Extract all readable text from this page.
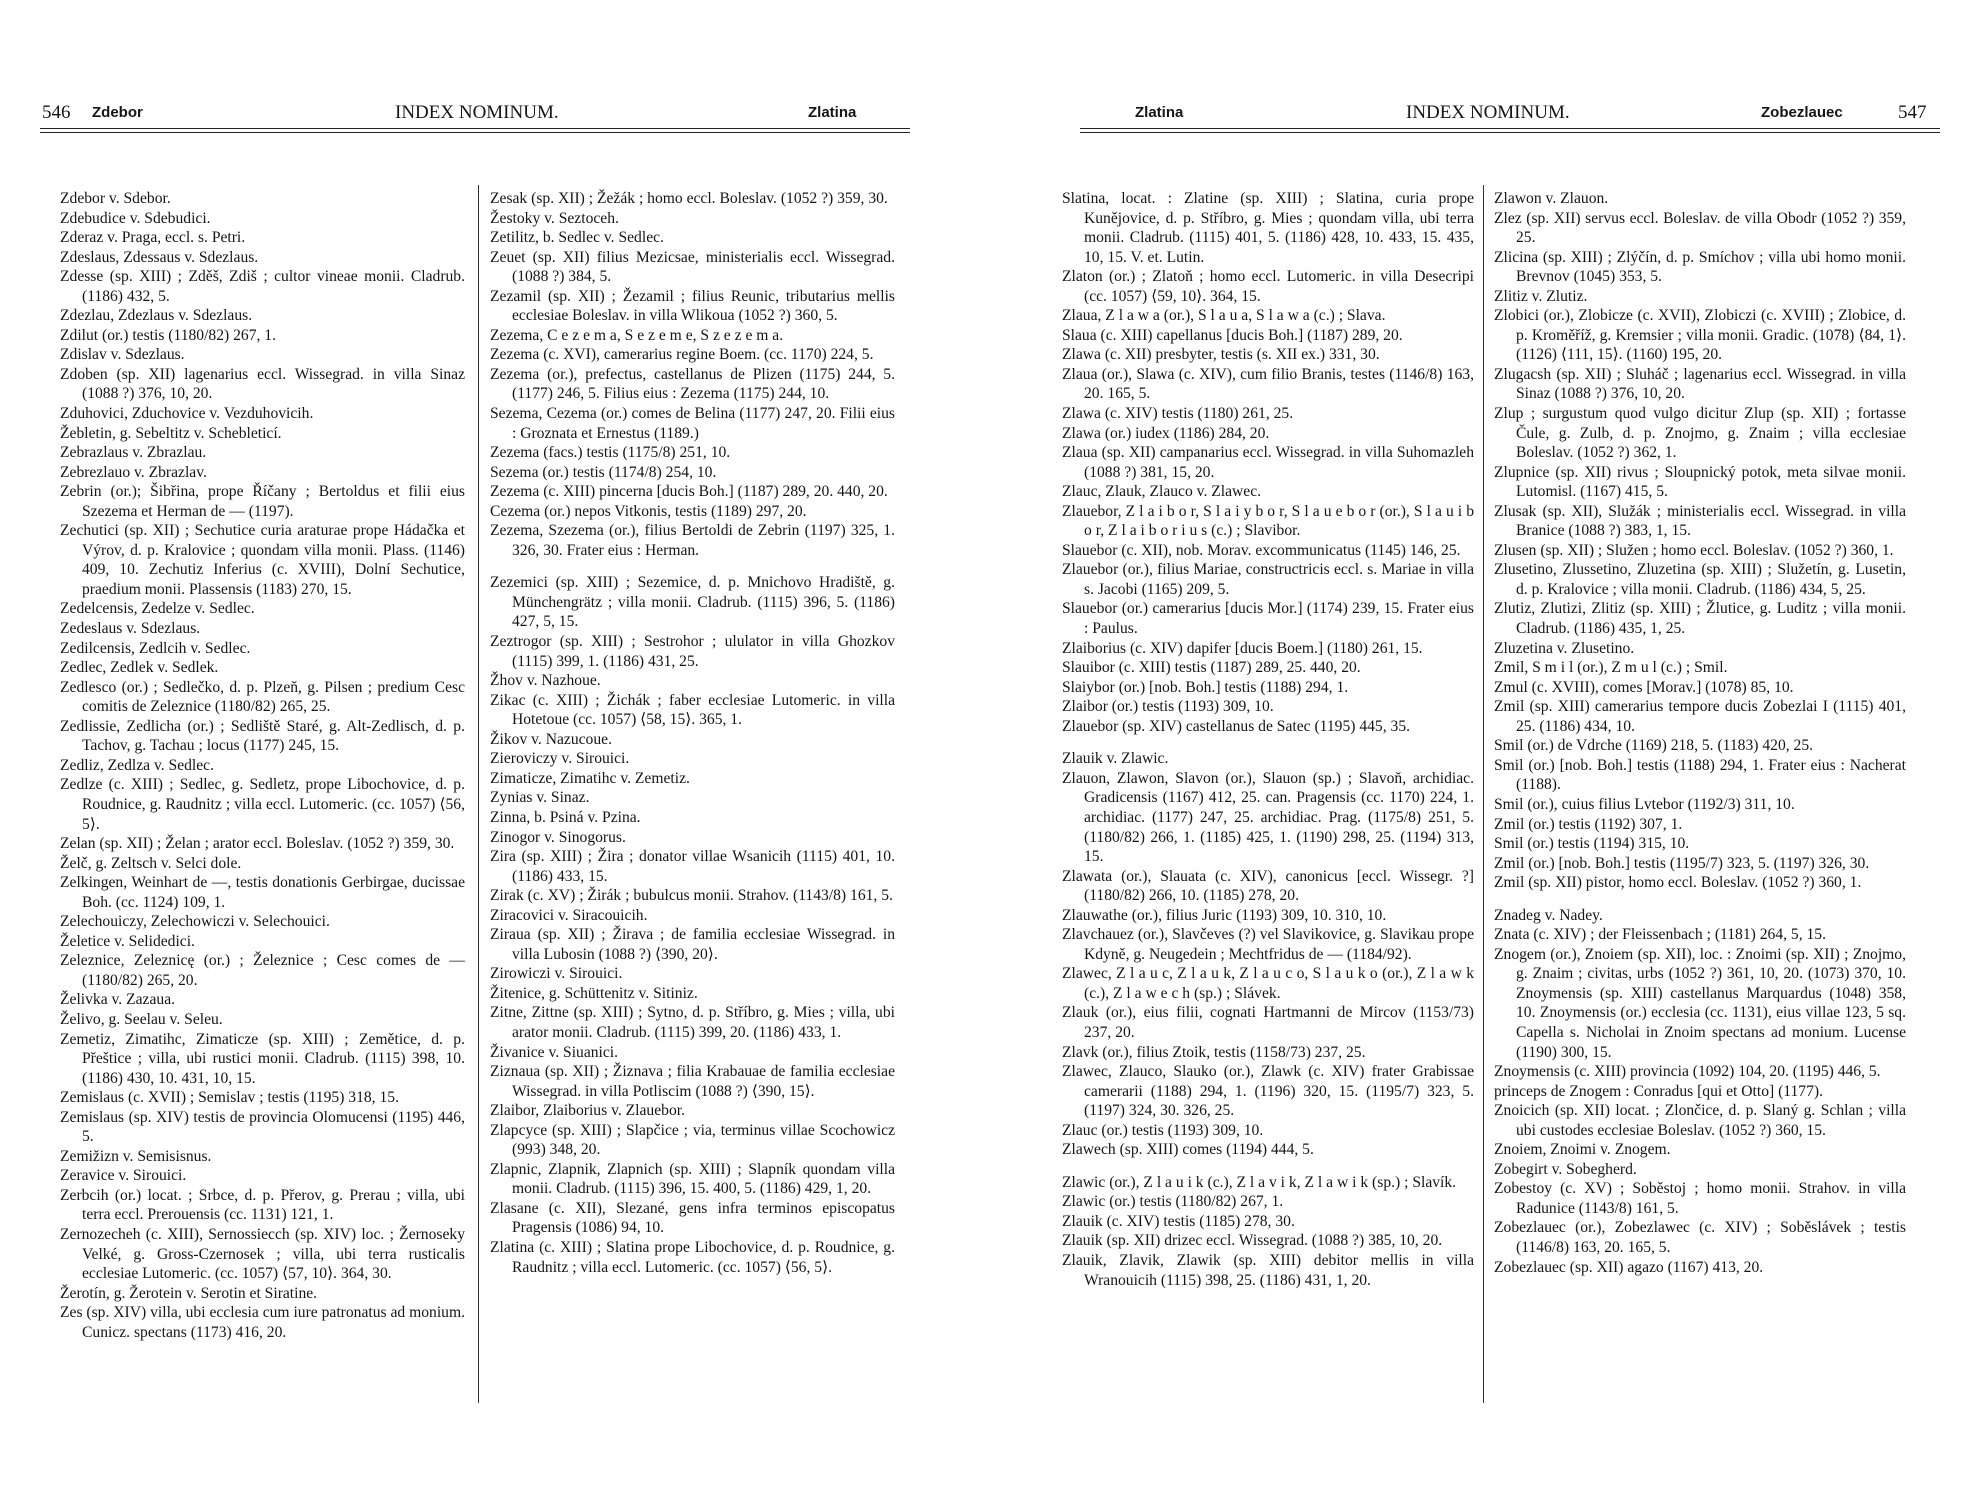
546 Zdebor	INDEX NOMINUM.	Zlatina
Zdebor v. Sdebor.
Zdebudice v. Sdebudici.
Zderaz v. Praga, eccl. s. Petri.
Zdeslaus, Zdessaus v. Sdezlaus.
Zdesse (sp. XIII) ; Zděš, Zdiš ; cultor vineae monii. Cladrub. (1186) 432, 5.
Zdezlau, Zdezlaus v. Sdezlaus.
Zdilut (or.) testis (1180/82) 267, 1.
Zdislav v. Sdezlaus.
Zdoben (sp. XII) lagenarius eccl. Wissegrad. in villa Sinaz (1088 ?) 376, 10, 20.
Zduhovici, Zduchovice v. Vezduhovicih.
Žebletin, g. Sebeltitz v. Schebleticí.
Zebrazlaus v. Zbrazlau.
Zebrezlauo v. Zbrazlav.
Zebrin (or.); Šibřina, prope Říčany ; Bertoldus et filii eius Szezema et Herman de — (1197).
Zechutici (sp. XII) ; Sechutice curia araturae prope Hádačka et Výrov, d. p. Kralovice ; quondam villa monii. Plass. (1146) 409, 10. Zechutiz Inferius (c. XVIII), Dolní Sechutice, praedium monii. Plassensis (1183) 270, 15.
Zedelcensis, Zedelze v. Sedlec.
Zedeslaus v. Sdezlaus.
Zedilcensis, Zedlcih v. Sedlec.
Zedlec, Zedlek v. Sedlek.
Zedlesco (or.) ; Sedlečko, d. p. Plzeň, g. Pilsen ; predium Cesc comitis de Zeleznice (1180/82) 265, 25.
Zedlissie, Zedlicha (or.) ; Sedliště Staré, g. Alt-Zedlisch, d. p. Tachov, g. Tachau ; locus (1177) 245, 15.
Zedliz, Zedlza v. Sedlec.
Zedlze (c. XIII) ; Sedlec, g. Sedletz, prope Libochovice, d. p. Roudnice, g. Raudnitz ; villa eccl. Lutomeric. (cc. 1057) ⟨56, 5⟩.
Zelan (sp. XII) ; Želan ; arator eccl. Boleslav. (1052 ?) 359, 30.
Želč, g. Zeltsch v. Selci dole.
Zelkingen, Weinhart de —, testis donationis Gerbirgae, ducissae Boh. (cc. 1124) 109, 1.
Zelechouiczy, Zelechowiczi v. Selechouici.
Želetice v. Selidedici.
Zeleznice, Zeleznicę (or.) ; Železnice ; Cesc comes de — (1180/82) 265, 20.
Želivka v. Zazaua.
Želivo, g. Seelau v. Seleu.
Zemetiz, Zimatihc, Zimaticze (sp. XIII) ; Zemětice, d. p. Přeštice ; villa, ubi rustici monii. Cladrub. (1115) 398, 10. (1186) 430, 10. 431, 10, 15.
Zemislaus (c. XVII) ; Semislav ; testis (1195) 318, 15.
Zemislaus (sp. XIV) testis de provincia Olomucensi (1195) 446, 5.
Zemižizn v. Semisisnus.
Zeravice v. Sirouici.
Zerbcih (or.) locat. ; Srbce, d. p. Přerov, g. Prerau ; villa, ubi terra eccl. Prerouensis (cc. 1131) 121, 1.
Zernozecheh (c. XIII), Sernossiecch (sp. XIV) loc. ; Žernoseky Velké, g. Gross-Czernosek ; villa, ubi terra rusticalis ecclesiae Lutomeric. (cc. 1057) ⟨57, 10⟩. 364, 30.
Žerotín, g. Žerotein v. Serotin et Siratine.
Zes (sp. XIV) villa, ubi ecclesia cum iure patronatus ad monium. Cunicz. spectans (1173) 416, 20.
Zesak (sp. XII) ; Žežák ; homo eccl. Boleslav. (1052 ?) 359, 30.
Žestoky v. Seztoceh.
Zetilitz, b. Sedlec v. Sedlec.
Zeuet (sp. XII) filius Mezicsae, ministerialis eccl. Wissegrad. (1088 ?) 384, 5.
Zezamil (sp. XII) ; Žezamil ; filius Reunic, tributarius mellis ecclesiae Boleslav. in villa Wlikoua (1052 ?) 360, 5.
Zezema, C e z e m a, S e z e m e, S z e z e m a.
Zezema (c. XVI), camerarius regine Boem. (cc. 1170) 224, 5.
Zezema (or.), prefectus, castellanus de Plizen (1175) 244, 5. (1177) 246, 5. Filius eius : Zezema (1175) 244, 10.
Sezema, Cezema (or.) comes de Belina (1177) 247, 20. Filii eius : Groznata et Ernestus (1189.)
Zezema (facs.) testis (1175/8) 251, 10.
Sezema (or.) testis (1174/8) 254, 10.
Zezema (c. XIII) pincerna [ducis Boh.] (1187) 289, 20. 440, 20.
Cezema (or.) nepos Vitkonis, testis (1189) 297, 20.
Zezema, Szezema (or.), filius Bertoldi de Zebrin (1197) 325, 1. 326, 30. Frater eius : Herman.
Zezemici (sp. XIII) ; Sezemice, d. p. Mnichovo Hradiště, g. Münchengrätz ; villa monii. Cladrub. (1115) 396, 5. (1186) 427, 5, 15.
Zeztrogor (sp. XIII) ; Sestrohor ; ululator in villa Ghozkov (1115) 399, 1. (1186) 431, 25.
Žhov v. Nazhoue.
Zikac (c. XIII) ; Žichák ; faber ecclesiae Lutomeric. in villa Hotetoue (cc. 1057) ⟨58, 15⟩. 365, 1.
Žikov v. Nazucoue.
Zieroviczy v. Sirouici.
Zimaticze, Zimatihc v. Zemetiz.
Zynias v. Sinaz.
Zinna, b. Psiná v. Pzina.
Zinogor v. Sinogorus.
Zira (sp. XIII) ; Žira ; donator villae Wsanicih (1115) 401, 10. (1186) 433, 15.
Zirak (c. XV) ; Žirák ; bubulcus monii. Strahov. (1143/8) 161, 5.
Ziracovici v. Siracouicih.
Ziraua (sp. XII) ; Žirava ; de familia ecclesiae Wissegrad. in villa Lubosin (1088 ?) ⟨390, 20⟩.
Zirowiczi v. Sirouici.
Žitenice, g. Schüttenitz v. Sitiniz.
Zitne, Zittne (sp. XIII) ; Sytno, d. p. Stříbro, g. Mies ; villa, ubi arator monii. Cladrub. (1115) 399, 20. (1186) 433, 1.
Živanice v. Siuanici.
Ziznaua (sp. XII) ; Žiznava ; filia Krabauae de familia ecclesiae Wissegrad. in villa Potliscim (1088 ?) ⟨390, 15⟩.
Zlaibor, Zlaiborius v. Zlauebor.
Zlapcyce (sp. XIII) ; Slapčice ; via, terminus villae Scochowicz (993) 348, 20.
Zlapnic, Zlapnik, Zlapnich (sp. XIII) ; Slapník quondam villa monii. Cladrub. (1115) 396, 15. 400, 5. (1186) 429, 1, 20.
Zlasane (c. XII), Slezané, gens infra terminos episcopatus Pragensis (1086) 94, 10.
Zlatina (c. XIII) ; Slatina prope Libochovice, d. p. Roudnice, g. Raudnitz ; villa eccl. Lutomeric. (cc. 1057) ⟨56, 5⟩.
Zlatina	INDEX NOMINUM.	Zobezlauec	547
Slatina, locat. : Zlatine (sp. XIII) ; Slatina, curia prope Kunějovice, d. p. Stříbro, g. Mies ; quondam villa, ubi terra monii. Cladrub. (1115) 401, 5. (1186) 428, 10. 433, 15. 435, 10, 15. V. et. Lutin.
Zlaton (or.) ; Zlatoň ; homo eccl. Lutomeric. in villa Desecripi (cc. 1057) ⟨59, 10⟩. 364, 15.
Zlaua, Z l a w a (or.), S l a u a, S l a w a (c.) ; Slava.
Slaua (c. XIII) capellanus [ducis Boh.] (1187) 289, 20.
Zlawa (c. XII) presbyter, testis (s. XII ex.) 331, 30.
Zlaua (or.), Slawa (c. XIV), cum filio Branis, testes (1146/8) 163, 20. 165, 5.
Zlawa (c. XIV) testis (1180) 261, 25.
Zlawa (or.) iudex (1186) 284, 20.
Zlaua (sp. XII) campanarius eccl. Wissegrad. in villa Suhomazleh (1088 ?) 381, 15, 20.
Zlauc, Zlauk, Zlauco v. Zlawec.
Zlauebor, Z l a i b o r, S l a i y b o r, S l a u e b o r (or.), S l a u i b o r, Z l a i b o r i u s (c.) ; Slavibor.
Slauebor (c. XII), nob. Morav. excommunicatus (1145) 146, 25.
Zlauebor (or.), filius Mariae, constructricis eccl. s. Mariae in villa s. Jacobi (1165) 209, 5.
Slauebor (or.) camerarius [ducis Mor.] (1174) 239, 15. Frater eius : Paulus.
Zlaiborius (c. XIV) dapifer [ducis Boem.] (1180) 261, 15.
Slauibor (c. XIII) testis (1187) 289, 25. 440, 20.
Slaiybor (or.) [nob. Boh.] testis (1188) 294, 1.
Zlaibor (or.) testis (1193) 309, 10.
Zlauebor (sp. XIV) castellanus de Satec (1195) 445, 35.
Zlauik v. Zlawic.
Zlauon, Zlawon, Slavon (or.), Slauon (sp.) ; Slavoň, archidiac. Gradicensis (1167) 412, 25. can. Pragensis (cc. 1170) 224, 1. archidiac. (1177) 247, 25. archidiac. Prag. (1175/8) 251, 5. (1180/82) 266, 1. (1185) 425, 1. (1190) 298, 25. (1194) 313, 15.
Zlawata (or.), Slauata (c. XIV), canonicus [eccl. Wissegr. ?] (1180/82) 266, 10. (1185) 278, 20.
Zlauwathe (or.), filius Juric (1193) 309, 10. 310, 10.
Zlavchauez (or.), Slavčeves (?) vel Slavikovice, g. Slavikau prope Kdyně, g. Neugedein ; Mechtfridus de — (1184/92).
Zlawec, Z l a u c, Z l a u k, Z l a u c o, S l a u k o (or.), Z l a w k (c.), Z l a w e c h (sp.) ; Slávek.
Zlauk (or.), eius filii, cognati Hartmanni de Mircov (1153/73) 237, 20.
Zlavk (or.), filius Ztoik, testis (1158/73) 237, 25.
Zlawec, Zlauco, Slauko (or.), Zlawk (c. XIV) frater Grabissae camerarii (1188) 294, 1. (1196) 320, 15. (1195/7) 323, 5. (1197) 324, 30. 326, 25.
Zlauc (or.) testis (1193) 309, 10.
Zlawech (sp. XIII) comes (1194) 444, 5.
Zlawic (or.), Z l a u i k (c.), Z l a v i k, Z l a w i k (sp.) ; Slavík.
Zlawic (or.) testis (1180/82) 267, 1.
Zlauik (c. XIV) testis (1185) 278, 30.
Zlauik (sp. XII) drizec eccl. Wissegrad. (1088 ?) 385, 10, 20.
Zlauik, Zlavik, Zlawik (sp. XIII) debitor mellis in villa Wranouicih (1115) 398, 25. (1186) 431, 1, 20.
Zlawon v. Zlauon.
Zlez (sp. XII) servus eccl. Boleslav. de villa Obodr (1052 ?) 359, 25.
Zlicina (sp. XIII) ; Zlýčín, d. p. Smíchov ; villa ubi homo monii. Brevnov (1045) 353, 5.
Zlitiz v. Zlutiz.
Zlobici (or.), Zlobicze (c. XVII), Zlobiczi (c. XVIII) ; Zlobice, d. p. Kroměříž, g. Kremsier ; villa monii. Gradic. (1078) ⟨84, 1⟩. (1126) ⟨111, 15⟩. (1160) 195, 20.
Zlugacsh (sp. XII) ; Sluháč ; lagenarius eccl. Wissegrad. in villa Sinaz (1088 ?) 376, 10, 20.
Zlup ; surgustum quod vulgo dicitur Zlup (sp. XII) ; fortasse Čule, g. Zulb, d. p. Znojmo, g. Znaim ; villa ecclesiae Boleslav. (1052 ?) 362, 1.
Zlupnice (sp. XII) rivus ; Sloupnický potok, meta silvae monii. Lutomisl. (1167) 415, 5.
Zlusak (sp. XII), Služák ; ministerialis eccl. Wissegrad. in villa Branice (1088 ?) 383, 1, 15.
Zlusen (sp. XII) ; Služen ; homo eccl. Boleslav. (1052 ?) 360, 1.
Zlusetino, Zlussetino, Zluzetina (sp. XIII) ; Služetín, g. Lusetin, d. p. Kralovice ; villa monii. Cladrub. (1186) 434, 5, 25.
Zlutiz, Zlutizi, Zlitiz (sp. XIII) ; Žlutice, g. Luditz ; villa monii. Cladrub. (1186) 435, 1, 25.
Zluzetina v. Zlusetino.
Zmil, S m i l (or.), Z m u l (c.) ; Smil.
Zmul (c. XVIII), comes [Morav.] (1078) 85, 10.
Zmil (sp. XIII) camerarius tempore ducis Zobezlai I (1115) 401, 25. (1186) 434, 10.
Smil (or.) de Vdrche (1169) 218, 5. (1183) 420, 25.
Smil (or.) [nob. Boh.] testis (1188) 294, 1. Frater eius : Nacherat (1188).
Smil (or.), cuius filius Lvtebor (1192/3) 311, 10.
Zmil (or.) testis (1192) 307, 1.
Smil (or.) testis (1194) 315, 10.
Zmil (or.) [nob. Boh.] testis (1195/7) 323, 5. (1197) 326, 30.
Zmil (sp. XII) pistor, homo eccl. Boleslav. (1052 ?) 360, 1.
Znadeg v. Nadey.
Znata (c. XIV) ; der Fleissenbach ; (1181) 264, 5, 15.
Znogem (or.), Znoiem (sp. XII), loc. : Znoimi (sp. XII) ; Znojmo, g. Znaim ; civitas, urbs (1052 ?) 361, 10, 20. (1073) 370, 10. Znoymensis (sp. XIII) castellanus Marquardus (1048) 358, 10. Znoymensis (or.) ecclesia (cc. 1131), eius villae 123, 5 sq. Capella s. Nicholai in Znoim spectans ad monium. Lucense (1190) 300, 15.
Znoymensis (c. XIII) provincia (1092) 104, 20. (1195) 446, 5.
princeps de Znogem : Conradus [qui et Otto] (1177).
Znoicich (sp. XII) locat. ; Zlončice, d. p. Slaný g. Schlan ; villa ubi custodes ecclesiae Boleslav. (1052 ?) 360, 15.
Znoiem, Znoimi v. Znogem.
Zobegirt v. Sobegherd.
Zobestoy (c. XV) ; Soběstoj ; homo monii. Strahov. in villa Radunice (1143/8) 161, 5.
Zobezlauec (or.), Zobezlawec (c. XIV) ; Soběslávek ; testis (1146/8) 163, 20. 165, 5.
Zobezlauec (sp. XII) agazo (1167) 413, 20.
